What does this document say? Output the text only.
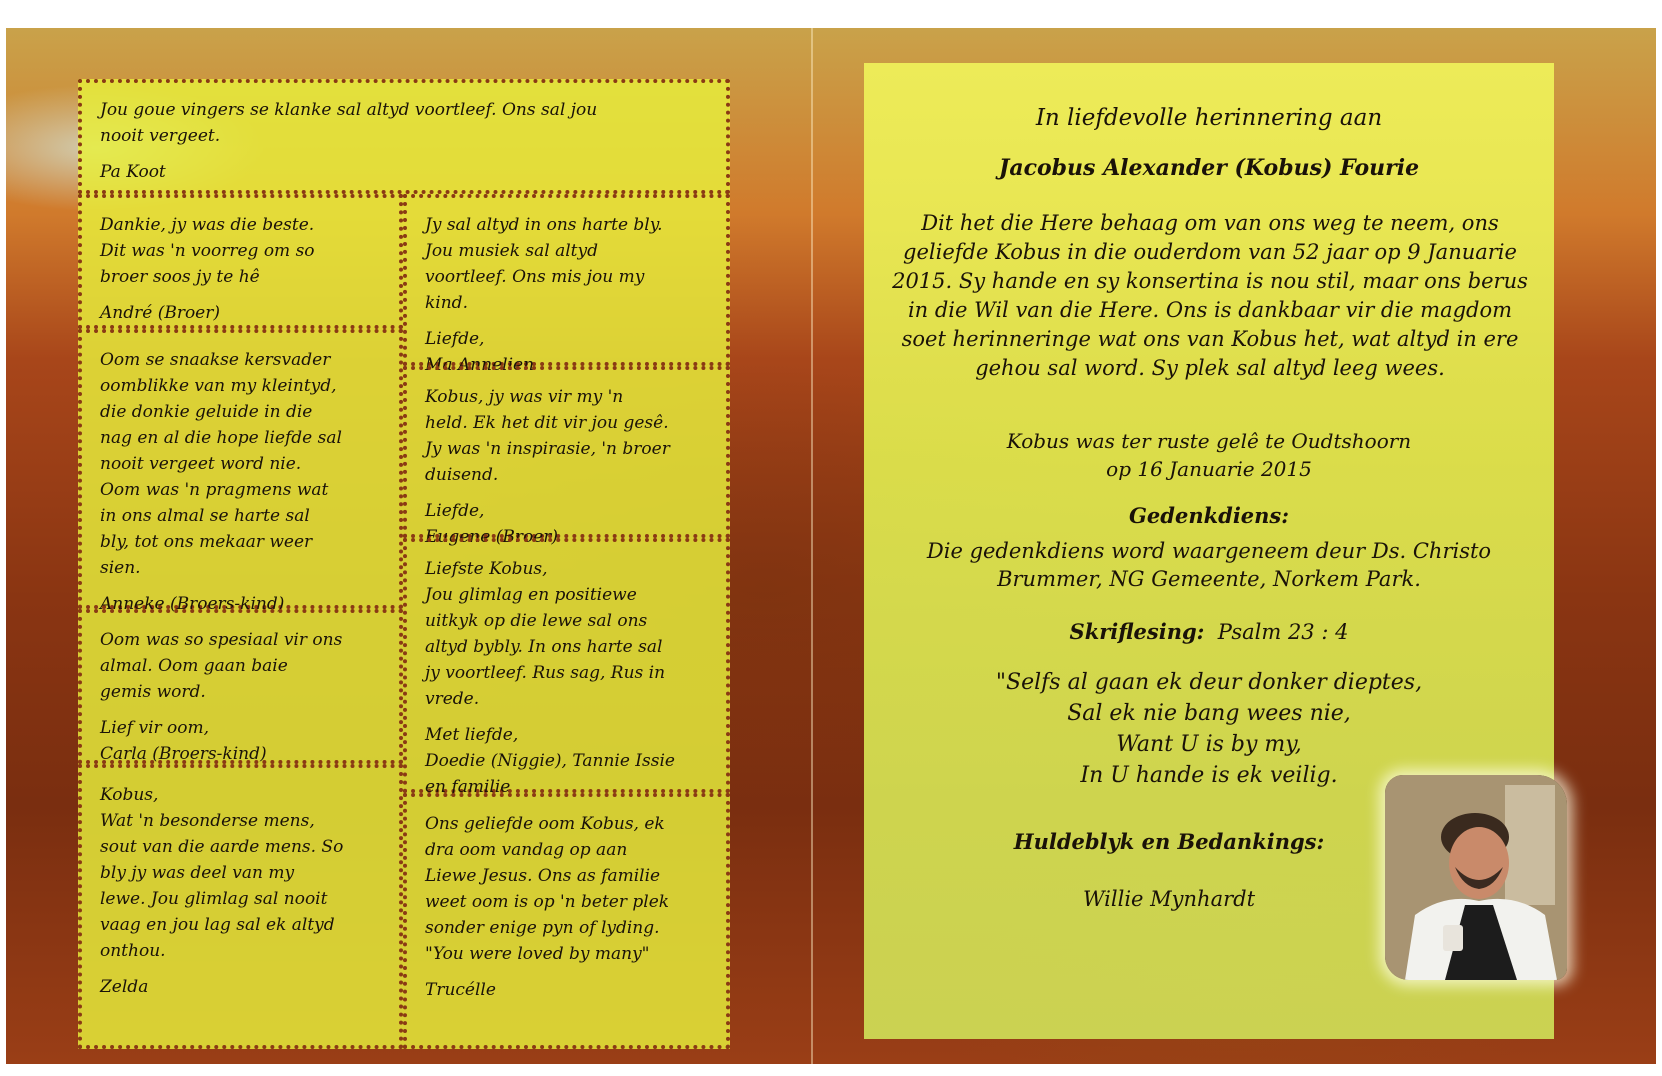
In liefdevolle herinnering aan
Jacobus Alexander (Kobus) Fourie
Dit het die Here behaag om van ons weg te neem, ons geliefde Kobus in die ouderdom van 52 jaar op 9 Januarie 2015. Sy hande en sy konsertina is nou stil, maar ons berus in die Wil van die Here. Ons is dankbaar vir die magdom soet herinneringe wat ons van Kobus het, wat altyd in ere gehou sal word. Sy plek sal altyd leeg wees.
Kobus was ter ruste gelê te Oudtshoorn
op 16 Januarie 2015
Gedenkdiens:
Die gedenkdiens word waargeneem deur Ds. Christo
Brummer, NG Gemeente, Norkem Park.
Skriflesing: Psalm 23 : 4
"Selfs al gaan ek deur donker dieptes,
Sal ek nie bang wees nie,
Want U is by my,
In U hande is ek veilig.
Huldeblyk en Bedankings:
Willie Mynhardt
Jou goue vingers se klanke sal altyd voortleef. Ons sal jou
nooit vergeet.
Pa Koot
Dankie, jy was die beste.
Dit was 'n voorreg om so
broer soos jy te hê
André (Broer)
Jy sal altyd in ons harte bly.
Jou musiek sal altyd
voortleef. Ons mis jou my
kind.
Liefde,
Ma Annelien
Oom se snaakse kersvader
oomblikke van my kleintyd,
die donkie geluide in die
nag en al die hope liefde sal
nooit vergeet word nie.
Oom was 'n pragmens wat
in ons almal se harte sal
bly, tot ons mekaar weer
sien.
Anneke (Broers-kind)
Kobus, jy was vir my 'n
held. Ek het dit vir jou gesê.
Jy was 'n inspirasie, 'n broer
duisend.
Liefde,
Eugene (Broer)
Liefste Kobus,
Jou glimlag en positiewe
uitkyk op die lewe sal ons
altyd bybly. In ons harte sal
jy voortleef. Rus sag, Rus in
vrede.
Met liefde,
Doedie (Niggie), Tannie Issie
en familie
Oom was so spesiaal vir ons
almal. Oom gaan baie
gemis word.
Lief vir oom,
Carla (Broers-kind)
Kobus,
Wat 'n besonderse mens,
sout van die aarde mens. So
bly jy was deel van my
lewe. Jou glimlag sal nooit
vaag en jou lag sal ek altyd
onthou.
Zelda
Ons geliefde oom Kobus, ek
dra oom vandag op aan
Liewe Jesus. Ons as familie
weet oom is op 'n beter plek
sonder enige pyn of lyding.
"You were loved by many"
Trucélle
